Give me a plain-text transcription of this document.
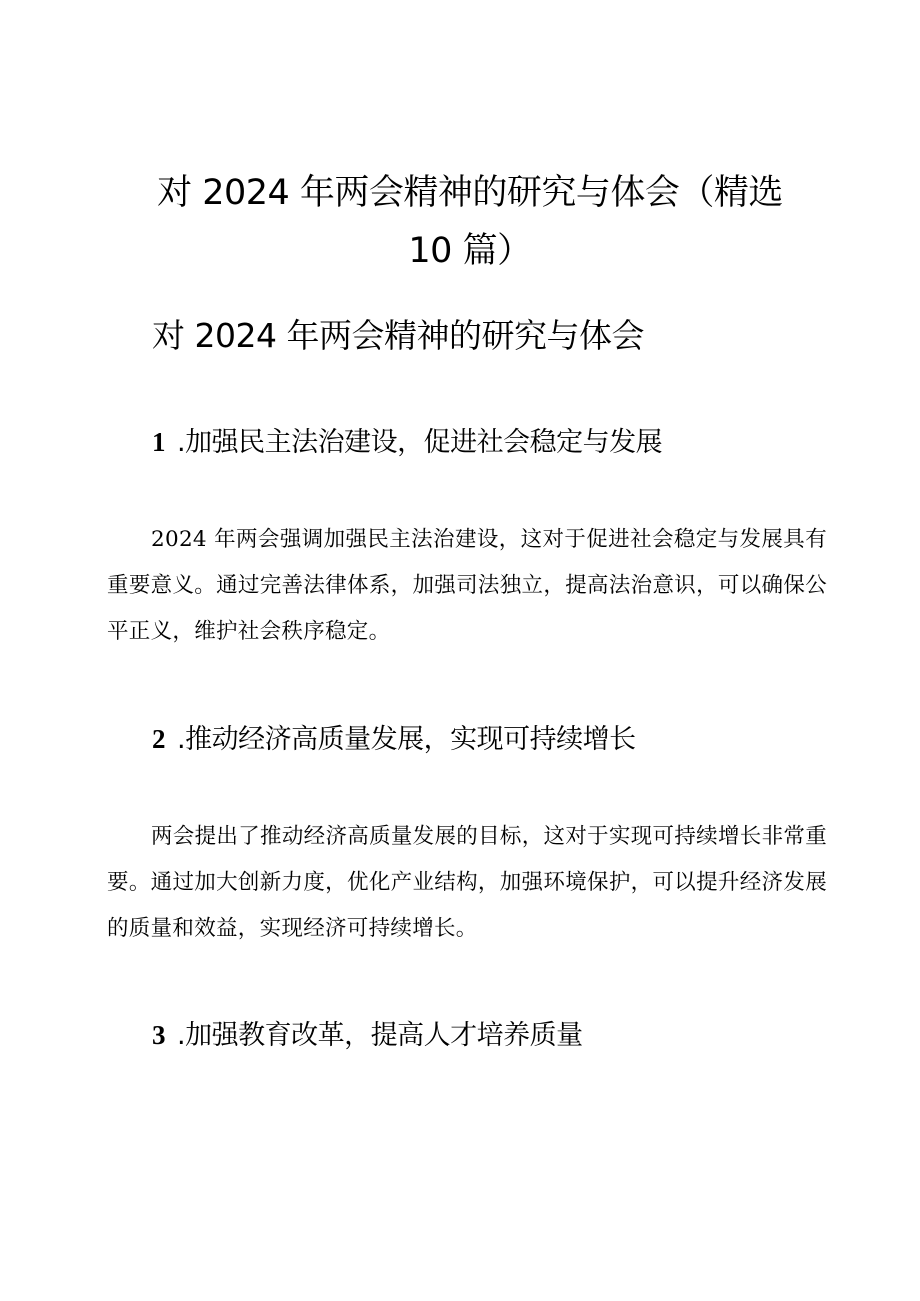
对 2024 年两会精神的研究与体会（精选 10 篇）
对 2024 年两会精神的研究与体会
1 .加强民主法治建设，促进社会稳定与发展

2024 年两会强调加强民主法治建设，这对于促进社会稳定与发展具有重要意义。通过完善法律体系，加强司法独立，提高法治意识，可以确保公平正义，维护社会秩序稳定。

2 .推动经济高质量发展，实现可持续增长

两会提出了推动经济高质量发展的目标，这对于实现可持续增长非常重要。通过加大创新力度，优化产业结构，加强环境保护，可以提升经济发展的质量和效益，实现经济可持续增长。

3 .加强教育改革，提高人才培养质量
